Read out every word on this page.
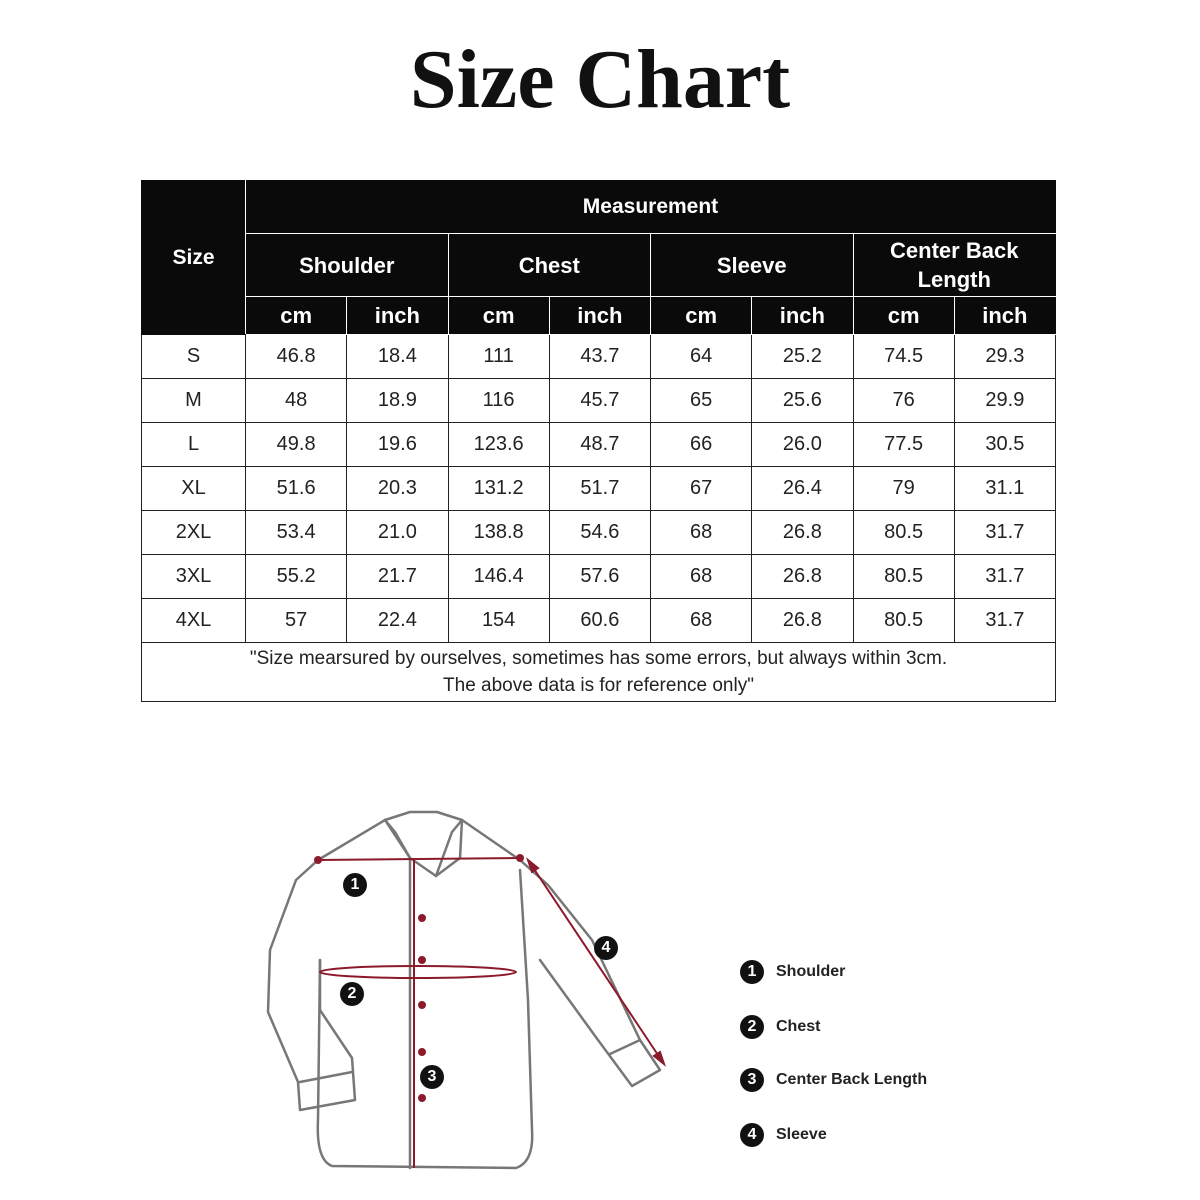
Size Chart
Size	Measurement							
	Shoulder		Chest		Sleeve		Center Back Length	
	cm	inch	cm	inch	cm	inch	cm	inch
S	46.8	18.4	111	43.7	64	25.2	74.5	29.3
M	48	18.9	116	45.7	65	25.6	76	29.9
L	49.8	19.6	123.6	48.7	66	26.0	77.5	30.5
XL	51.6	20.3	131.2	51.7	67	26.4	79	31.1
2XL	53.4	21.0	138.8	54.6	68	26.8	80.5	31.7
3XL	55.2	21.7	146.4	57.6	68	26.8	80.5	31.7
4XL	57	22.4	154	60.6	68	26.8	80.5	31.7

"Size mearsured by ourselves, sometimes has some errors, but always within 3cm.
The above data is for reference only"								
1
2
3
4
1	Shoulder
2	Chest
3	Center Back Length
4	Sleeve
